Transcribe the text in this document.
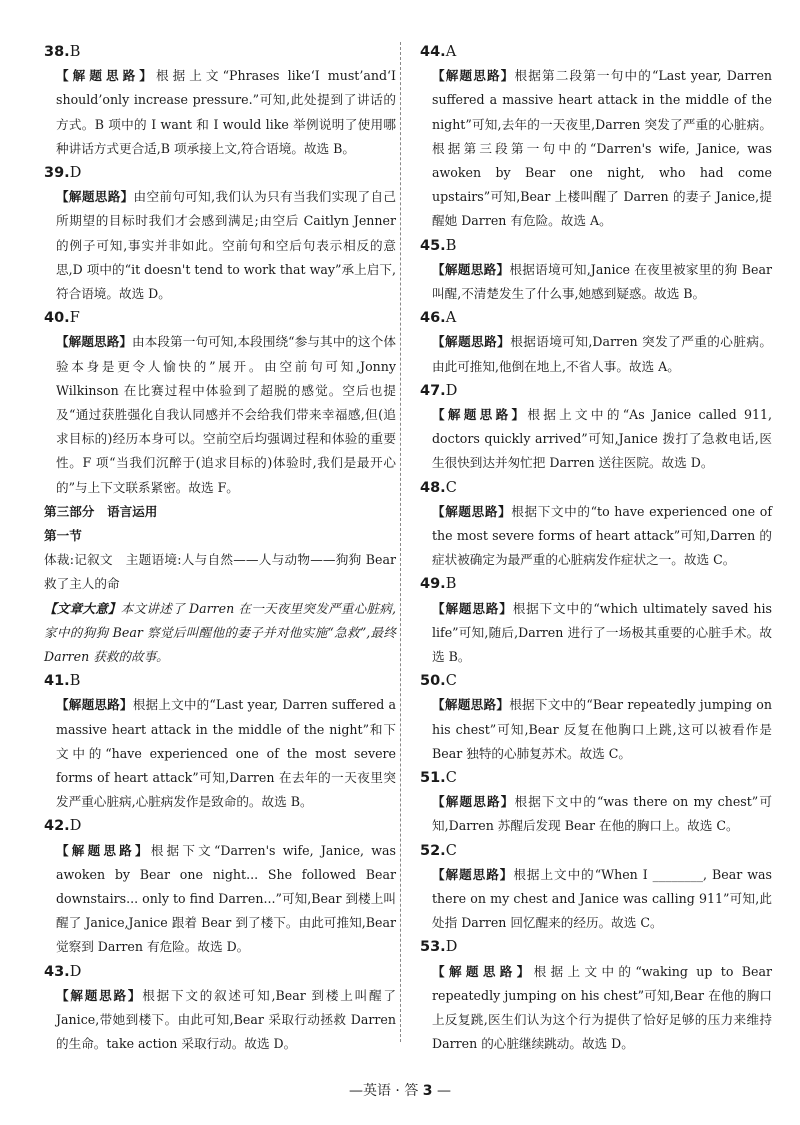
38.B
【解题思路】根据上文“Phrases like‘I must’and‘I should’only increase pressure.”可知,此处提到了讲话的方式。B 项中的 I want 和 I would like 举例说明了使用哪种讲话方式更合适,B 项承接上文,符合语境。故选 B。
39.D
【解题思路】由空前句可知,我们认为只有当我们实现了自己所期望的目标时我们才会感到满足;由空后 Caitlyn Jenner 的例子可知,事实并非如此。空前句和空后句表示相反的意思,D 项中的“it doesn't tend to work that way”承上启下,符合语境。故选 D。
40.F
【解题思路】由本段第一句可知,本段围绕“参与其中的这个体验本身是更令人愉快的”展开。由空前句可知,Jonny Wilkinson 在比赛过程中体验到了超脱的感觉。空后也提及“通过获胜强化自我认同感并不会给我们带来幸福感,但(追求目标的)经历本身可以。空前空后均强调过程和体验的重要性。F 项“当我们沉醉于(追求目标的)体验时,我们是最开心的”与上下文联系紧密。故选 F。
第三部分　语言运用
第一节
体裁:记叙文　主题语境:人与自然——人与动物——狗狗 Bear 救了主人的命
【文章大意】本文讲述了 Darren 在一天夜里突发严重心脏病,家中的狗狗 Bear 察觉后叫醒他的妻子并对他实施“急救”,最终 Darren 获救的故事。
41.B
【解题思路】根据上文中的“Last year, Darren suffered a massive heart attack in the middle of the night”和下文中的“have experienced one of the most severe forms of heart attack”可知,Darren 在去年的一天夜里突发严重心脏病,心脏病发作是致命的。故选 B。
42.D
【解题思路】根据下文“Darren's wife, Janice, was awoken by Bear one night... She followed Bear downstairs... only to find Darren...”可知,Bear 到楼上叫醒了 Janice,Janice 跟着 Bear 到了楼下。由此可推知,Bear 觉察到 Darren 有危险。故选 D。
43.D
【解题思路】根据下文的叙述可知,Bear 到楼上叫醒了 Janice,带她到楼下。由此可知,Bear 采取行动拯救 Darren 的生命。take action 采取行动。故选 D。
44.A
【解题思路】根据第二段第一句中的“Last year, Darren suffered a massive heart attack in the middle of the night”可知,去年的一天夜里,Darren 突发了严重的心脏病。根据第三段第一句中的“Darren's wife, Janice, was awoken by Bear one night, who had come upstairs”可知,Bear 上楼叫醒了 Darren 的妻子 Janice,提醒她 Darren 有危险。故选 A。
45.B
【解题思路】根据语境可知,Janice 在夜里被家里的狗 Bear 叫醒,不清楚发生了什么事,她感到疑惑。故选 B。
46.A
【解题思路】根据语境可知,Darren 突发了严重的心脏病。由此可推知,他倒在地上,不省人事。故选 A。
47.D
【解题思路】根据上文中的“As Janice called 911, doctors quickly arrived”可知,Janice 拨打了急救电话,医生很快到达并匆忙把 Darren 送往医院。故选 D。
48.C
【解题思路】根据下文中的“to have experienced one of the most severe forms of heart attack”可知,Darren 的症状被确定为最严重的心脏病发作症状之一。故选 C。
49.B
【解题思路】根据下文中的“which ultimately saved his life”可知,随后,Darren 进行了一场极其重要的心脏手术。故选 B。
50.C
【解题思路】根据下文中的“Bear repeatedly jumping on his chest”可知,Bear 反复在他胸口上跳,这可以被看作是 Bear 独特的心肺复苏术。故选 C。
51.C
【解题思路】根据下文中的“was there on my chest”可知,Darren 苏醒后发现 Bear 在他的胸口上。故选 C。
52.C
【解题思路】根据上文中的“When I ________, Bear was there on my chest and Janice was calling 911”可知,此处指 Darren 回忆醒来的经历。故选 C。
53.D
【解题思路】根据上文中的“waking up to Bear repeatedly jumping on his chest”可知,Bear 在他的胸口上反复跳,医生们认为这个行为提供了恰好足够的压力来维持 Darren 的心脏继续跳动。故选 D。
—英语 · 答 3 —
